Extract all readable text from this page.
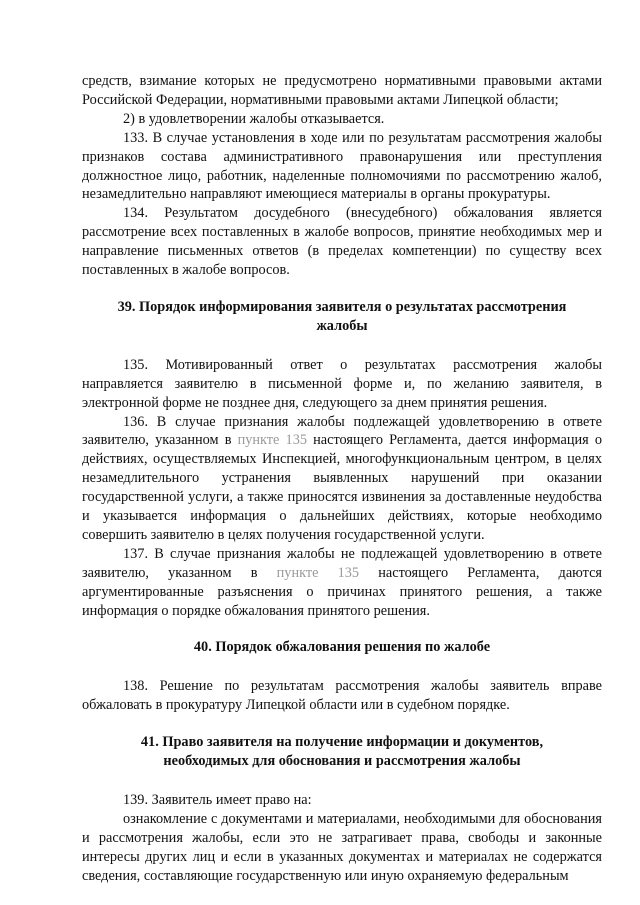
средств, взимание которых не предусмотрено нормативными правовыми актами Российской Федерации, нормативными правовыми актами Липецкой области;

2) в удовлетворении жалобы отказывается.

133. В случае установления в ходе или по результатам рассмотрения жалобы признаков состава административного правонарушения или преступления должностное лицо, работник, наделенные полномочиями по рассмотрению жалоб, незамедлительно направляют имеющиеся материалы в органы прокуратуры.

134. Результатом досудебного (внесудебного) обжалования является рассмотрение всех поставленных в жалобе вопросов, принятие необходимых мер и направление письменных ответов (в пределах компетенции) по существу всех поставленных в жалобе вопросов.

39. Порядок информирования заявителя о результатах рассмотрения

жалобы

135. Мотивированный ответ о результатах рассмотрения жалобы направляется заявителю в письменной форме и, по желанию заявителя, в электронной форме не позднее дня, следующего за днем принятия решения.

136. В случае признания жалобы подлежащей удовлетворению в ответе заявителю, указанном в пункте 135 настоящего Регламента, дается информация о действиях, осуществляемых Инспекцией, многофункциональным центром, в целях незамедлительного устранения выявленных нарушений при оказании государственной услуги, а также приносятся извинения за доставленные неудобства и указывается информация о дальнейших действиях, которые необходимо совершить заявителю в целях получения государственной услуги.

137. В случае признания жалобы не подлежащей удовлетворению в ответе заявителю, указанном в пункте 135 настоящего Регламента, даются аргументированные разъяснения о причинах принятого решения, а также информация о порядке обжалования принятого решения.

40. Порядок обжалования решения по жалобе

138. Решение по результатам рассмотрения жалобы заявитель вправе обжаловать в прокуратуру Липецкой области или в судебном порядке.

41. Право заявителя на получение информации и документов,

необходимых для обоснования и рассмотрения жалобы

139. Заявитель имеет право на:

ознакомление с документами и материалами, необходимыми для обоснования и рассмотрения жалобы, если это не затрагивает права, свободы и законные интересы других лиц и если в указанных документах и материалах не содержатся сведения, составляющие государственную или иную охраняемую федеральным
